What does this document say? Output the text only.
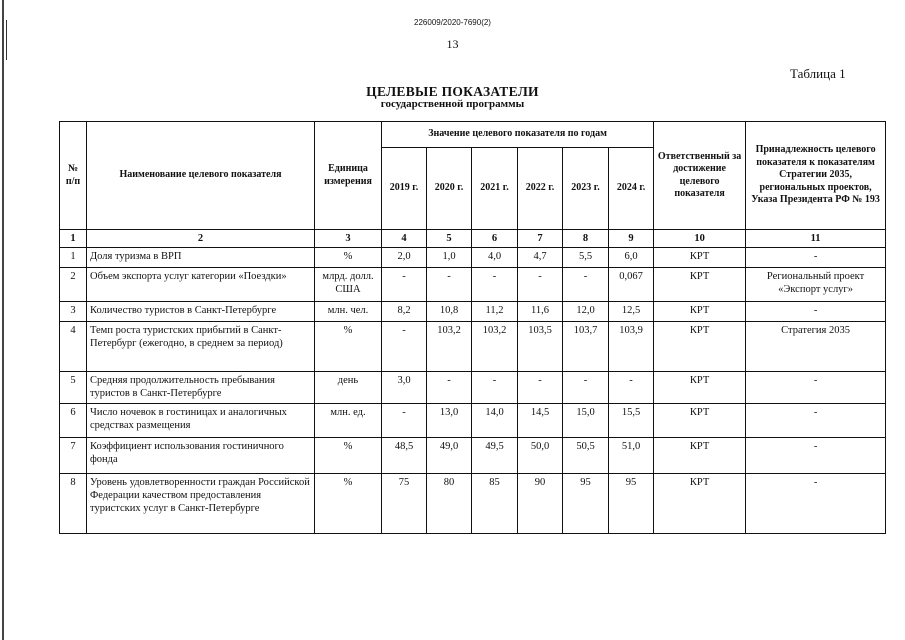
226009/2020-7690(2)
13
Таблица 1
ЦЕЛЕВЫЕ ПОКАЗАТЕЛИ
государственной программы
№ п/п	Наименование целевого показателя	Единица измерения	Значение целевого показателя по годам						Ответственный за достижение целевого показателя	Принадлежность целевого показателя к показателям Стратегии 2035, региональных проектов, Указа Президента РФ № 193
			2019 г.	2020 г.	2021 г.	2022 г.	2023 г.	2024 г.		
1	2	3	4	5	6	7	8	9	10	11
1	Доля туризма в ВРП	%	2,0	1,0	4,0	4,7	5,5	6,0	КРТ	-
2	Объем экспорта услуг категории «Поездки»	млрд. долл. США	-	-	-	-	-	0,067	КРТ	Региональный проект «Экспорт услуг»
3	Количество туристов в Санкт-Петербурге	млн. чел.	8,2	10,8	11,2	11,6	12,0	12,5	КРТ	-
4	Темп роста туристских прибытий в Санкт-Петербург (ежегодно, в среднем за период)	%	-	103,2	103,2	103,5	103,7	103,9	КРТ	Стратегия 2035
5	Средняя продолжительность пребывания туристов в Санкт-Петербурге	день	3,0	-	-	-	-	-	КРТ	-
6	Число ночевок в гостиницах и аналогичных средствах размещения	млн. ед.	-	13,0	14,0	14,5	15,0	15,5	КРТ	-
7	Коэффициент использования гостиничного фонда	%	48,5	49,0	49,5	50,0	50,5	51,0	КРТ	-
8	Уровень удовлетворенности граждан Российской Федерации качеством предоставления туристских услуг в Санкт-Петербурге	%	75	80	85	90	95	95	КРТ	-
